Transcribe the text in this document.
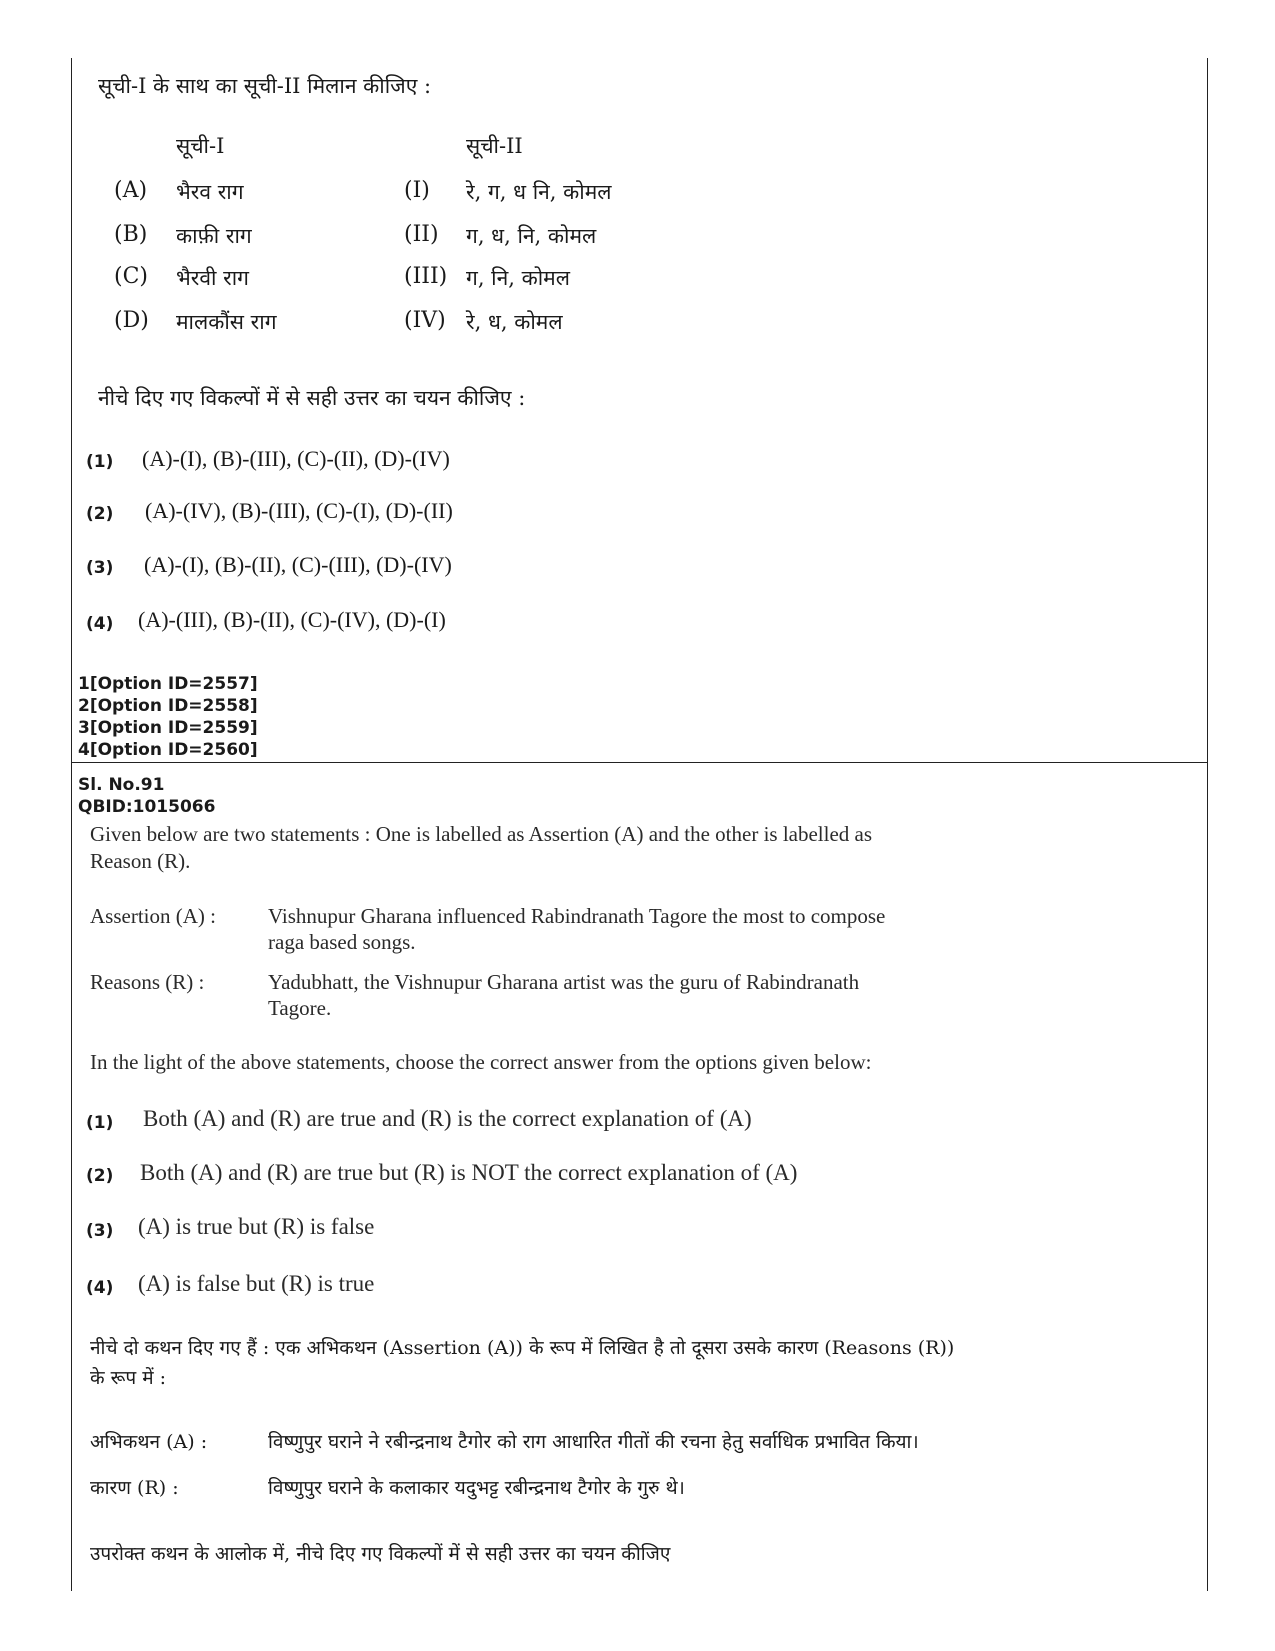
सूची-I के साथ का सूची-II मिलान कीजिए :
सूची-I	सूची-II
(A) भैरव राग	(I) रे, ग, ध नि, कोमल
(B) काफ़ी राग	(II) ग, ध, नि, कोमल
(C) भैरवी राग	(III) ग, नि, कोमल
(D) मालकौंस राग	(IV) रे, ध, कोमल
नीचे दिए गए विकल्पों में से सही उत्तर का चयन कीजिए :
(1) (A)-(I), (B)-(III), (C)-(II), (D)-(IV)
(2) (A)-(IV), (B)-(III), (C)-(I), (D)-(II)
(3) (A)-(I), (B)-(II), (C)-(III), (D)-(IV)
(4) (A)-(III), (B)-(II), (C)-(IV), (D)-(I)
1[Option ID=2557]
2[Option ID=2558]
3[Option ID=2559]
4[Option ID=2560]
Sl. No.91
QBID:1015066
Given below are two statements : One is labelled as Assertion (A) and the other is labelled as
Reason (R).
Assertion (A) : Vishnupur Gharana influenced Rabindranath Tagore the most to compose
raga based songs.
Reasons (R) :	Yadubhatt, the Vishnupur Gharana artist was the guru of Rabindranath
Tagore.
In the light of the above statements, choose the correct answer from the options given below:
(1) Both (A) and (R) are true and (R) is the correct explanation of (A)
(2) Both (A) and (R) are true but (R) is NOT the correct explanation of (A)
(3) (A) is true but (R) is false
(4) (A) is false but (R) is true
नीचे दो कथन दिए गए हैं : एक अभिकथन (Assertion (A)) के रूप में लिखित है तो दूसरा उसके कारण (Reasons (R))
के रूप में :
अभिकथन (A) :	विष्णुपुर घराने ने रबीन्द्रनाथ टैगोर को राग आधारित गीतों की रचना हेतु सर्वाधिक प्रभावित किया।
कारण (R) :	विष्णुपुर घराने के कलाकार यदुभट्ट रबीन्द्रनाथ टैगोर के गुरु थे।
उपरोक्त कथन के आलोक में, नीचे दिए गए विकल्पों में से सही उत्तर का चयन कीजिए
